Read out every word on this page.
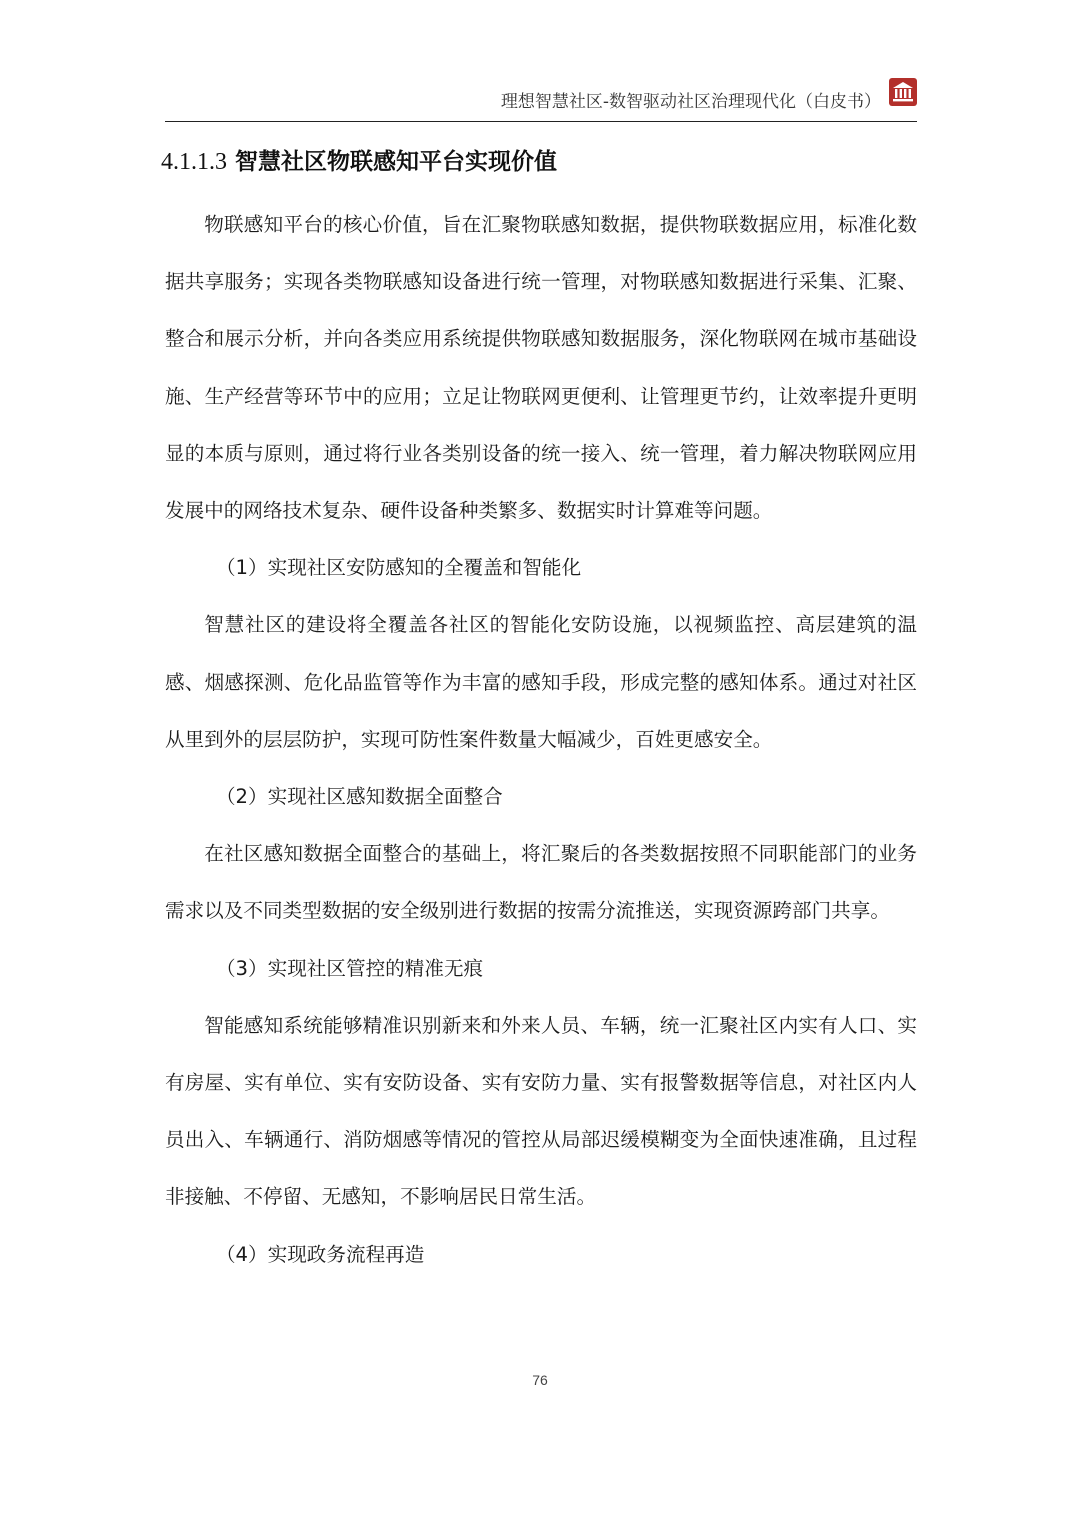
理想智慧社区-数智驱动社区治理现代化（白皮书）
4.1.1.3 智慧社区物联感知平台实现价值

物联感知平台的核心价值，旨在汇聚物联感知数据，提供物联数据应用，标准化数据共享服务；实现各类物联感知设备进行统一管理，对物联感知数据进行采集、汇聚、整合和展示分析，并向各类应用系统提供物联感知数据服务，深化物联网在城市基础设施、生产经营等环节中的应用；立足让物联网更便利、让管理更节约，让效率提升更明显的本质与原则，通过将行业各类别设备的统一接入、统一管理，着力解决物联网应用发展中的网络技术复杂、硬件设备种类繁多、数据实时计算难等问题。

（1）实现社区安防感知的全覆盖和智能化

智慧社区的建设将全覆盖各社区的智能化安防设施，以视频监控、高层建筑的温感、烟感探测、危化品监管等作为丰富的感知手段，形成完整的感知体系。通过对社区从里到外的层层防护，实现可防性案件数量大幅减少，百姓更感安全。

（2）实现社区感知数据全面整合

在社区感知数据全面整合的基础上，将汇聚后的各类数据按照不同职能部门的业务需求以及不同类型数据的安全级别进行数据的按需分流推送，实现资源跨部门共享。

（3）实现社区管控的精准无痕

智能感知系统能够精准识别新来和外来人员、车辆，统一汇聚社区内实有人口、实有房屋、实有单位、实有安防设备、实有安防力量、实有报警数据等信息，对社区内人员出入、车辆通行、消防烟感等情况的管控从局部迟缓模糊变为全面快速准确，且过程非接触、不停留、无感知，不影响居民日常生活。

（4）实现政务流程再造

76
